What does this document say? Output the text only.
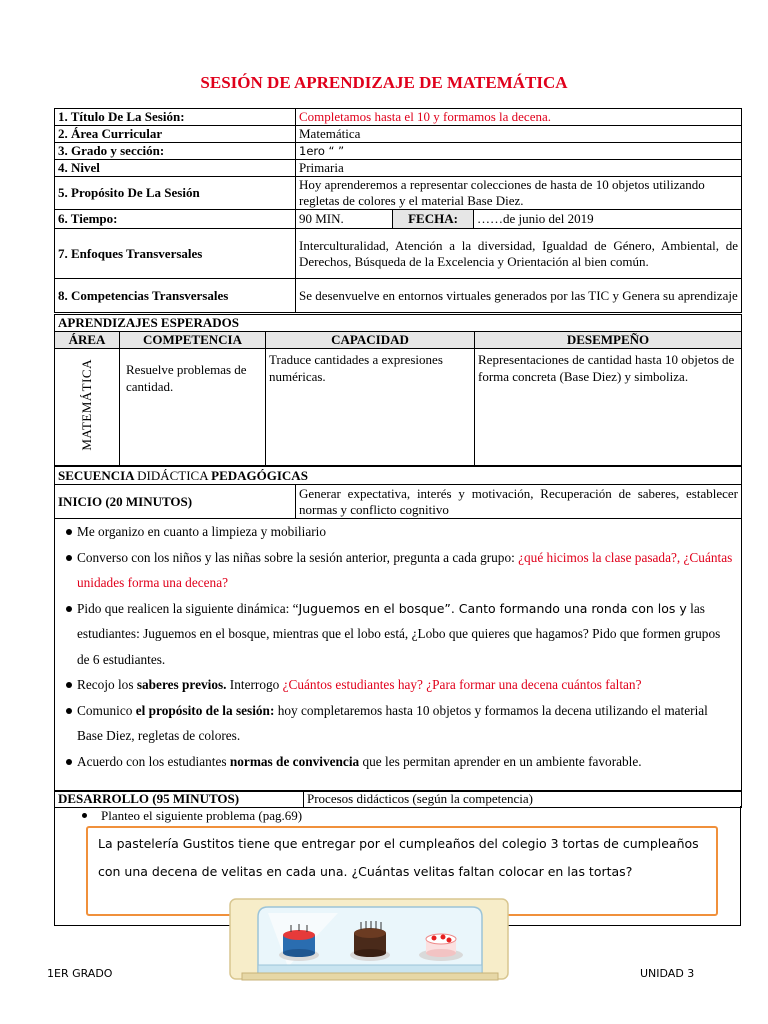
SESIÓN DE APRENDIZAJE DE MATEMÁTICA
1. Título De La Sesión:	Completamos hasta el 10 y formamos la decena.		
2. Área Curricular	Matemática		
3. Grado y sección:	1ero “ ”		
4. Nivel	Primaria		
5. Propósito De La Sesión	Hoy aprenderemos a representar colecciones de hasta de 10 objetos utilizando regletas de colores y el material Base Diez.		
6. Tiempo:	90 MIN.	FECHA:	……de junio del 2019
7. Enfoques Transversales	Interculturalidad, Atención a la diversidad, Igualdad de Género, Ambiental, de Derechos, Búsqueda de la Excelencia y Orientación al bien común.		
8. Competencias Transversales	Se desenvuelve en entornos virtuales generados por las TIC y Genera su aprendizaje		
APRENDIZAJES ESPERADOS			
ÁREA	COMPETENCIA	CAPACIDAD	DESEMPEÑO
MATEMÁTICA	Resuelve problemas de cantidad.	Traduce cantidades a expresiones numéricas.	Representaciones de cantidad hasta 10 objetos de forma concreta (Base Diez) y simboliza.
SECUENCIA DIDÁCTICA PEDAGÓGICAS
INICIO (20 MINUTOS)	Generar expectativa, interés y motivación, Recuperación de saberes, establecer normas y conflicto cognitivo

Me organizo en cuanto a limpieza y mobiliario
Converso con los niños y las niñas sobre la sesión anterior, pregunta a cada grupo: ¿qué hicimos la clase pasada?, ¿Cuántas unidades forma una decena?
Pido que realicen la siguiente dinámica: “Juguemos en el bosque”. Canto formando una ronda con los y las estudiantes: Juguemos en el bosque, mientras que el lobo está, ¿Lobo que quieres que hagamos? Pido que formen grupos de 6 estudiantes.
Recojo los saberes previos. Interrogo ¿Cuántos estudiantes hay? ¿Para formar una decena cuántos faltan?
Comunico el propósito de la sesión: hoy completaremos hasta 10 objetos y formamos la decena utilizando el material Base Diez, regletas de colores.
Acuerdo con los estudiantes normas de convivencia que les permitan aprender en un ambiente favorable.
DESARROLLO (95 MINUTOS)	Procesos didácticos (según la competencia)
Planteo el siguiente problema (pag.69)
La pastelería Gustitos tiene que entregar por el cumpleaños del colegio 3 tortas de cumpleaños con una decena de velitas en cada una. ¿Cuántas velitas faltan colocar en las tortas?
1ER GRADO	UNIDAD 3
